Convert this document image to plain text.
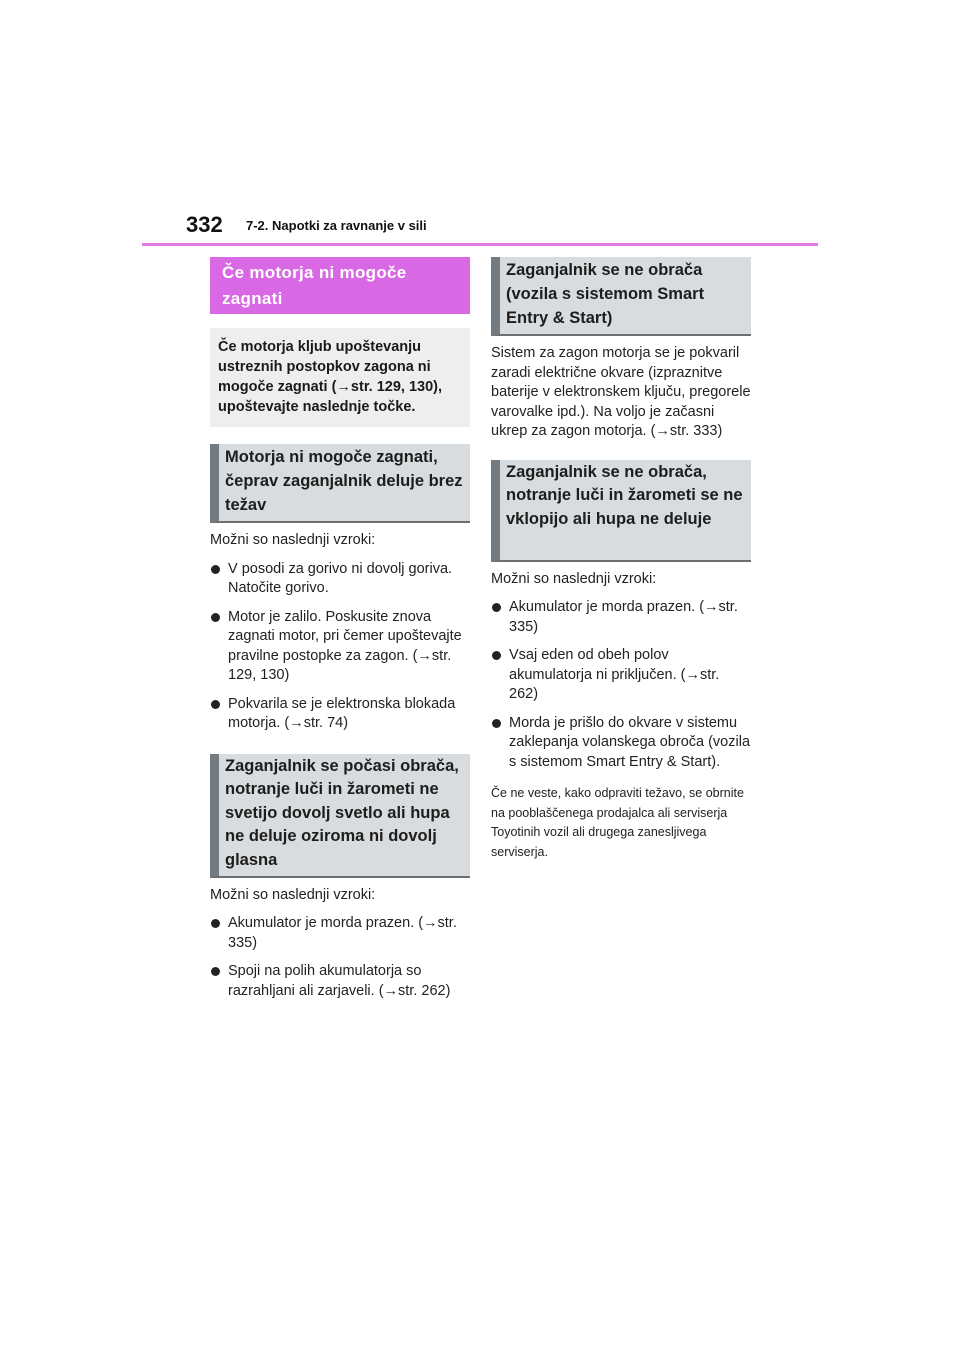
332 7-2. Napotki za ravnanje v sili
Če motorja ni mogoče zagnati
Če motorja kljub upoštevanju ustreznih postopkov zagona ni mogoče zagnati (→str. 129, 130), upoštevajte naslednje točke.
Motorja ni mogoče zagnati, čeprav zaganjalnik deluje brez težav

Možni so naslednji vzroki:

V posodi za gorivo ni dovolj goriva. Natočite gorivo.
Motor je zalilo. Poskusite znova zagnati motor, pri čemer upoštevajte pravilne postopke za zagon. (→str. 129, 130)
Pokvarila se je elektronska blokada motorja. (→str. 74)
Zaganjalnik se počasi obrača, notranje luči in žarometi ne svetijo dovolj svetlo ali hupa ne deluje oziroma ni dovolj glasna

Možni so naslednji vzroki:

Akumulator je morda prazen. (→str. 335)
Spoji na polih akumulatorja so razrahljani ali zarjaveli. (→str. 262)
Zaganjalnik se ne obrača (vozila s sistemom Smart Entry & Start)

Sistem za zagon motorja se je pokvaril zaradi električne okvare (izpraznitve baterije v elektronskem ključu, pregorele varovalke ipd.). Na voljo je začasni ukrep za zagon motorja. (→str. 333)

Zaganjalnik se ne obrača, notranje luči in žarometi se ne vklopijo ali hupa ne deluje

Možni so naslednji vzroki:

Akumulator je morda prazen. (→str. 335)
Vsaj eden od obeh polov akumulatorja ni priključen. (→str. 262)
Morda je prišlo do okvare v sistemu zaklepanja volanskega obroča (vozila s sistemom Smart Entry & Start).

Če ne veste, kako odpraviti težavo, se obrnite na pooblaščenega prodajalca ali serviserja Toyotinih vozil ali drugega zanesljivega serviserja.
